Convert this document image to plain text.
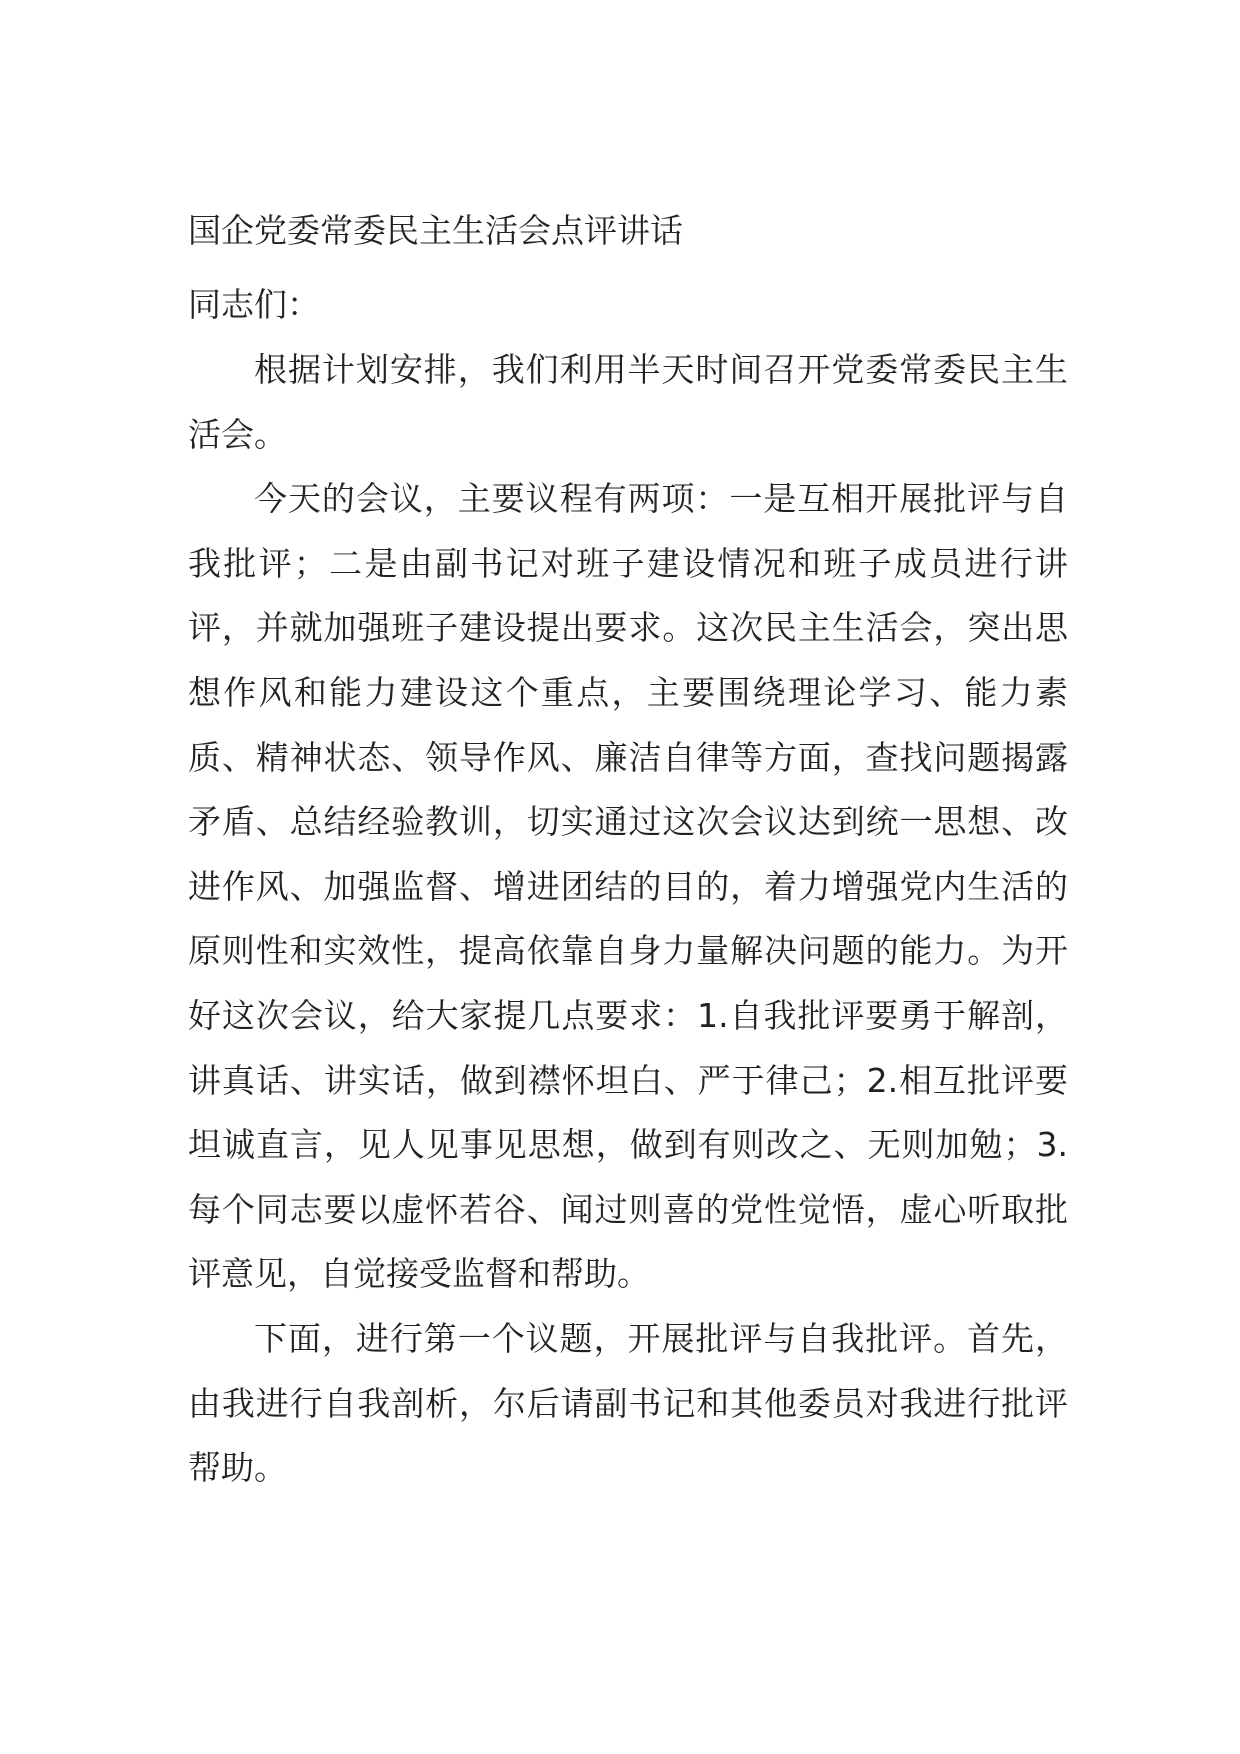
国企党委常委民主生活会点评讲话

同志们：

根据计划安排，我们利用半天时间召开党委常委民主生活会。

今天的会议，主要议程有两项：一是互相开展批评与自我批评；二是由副书记对班子建设情况和班子成员进行讲评，并就加强班子建设提出要求。这次民主生活会，突出思想作风和能力建设这个重点，主要围绕理论学习、能力素质、精神状态、领导作风、廉洁自律等方面，查找问题揭露矛盾、总结经验教训，切实通过这次会议达到统一思想、改进作风、加强监督、增进团结的目的，着力增强党内生活的原则性和实效性，提高依靠自身力量解决问题的能力。为开好这次会议，给大家提几点要求：1.自我批评要勇于解剖，讲真话、讲实话，做到襟怀坦白、严于律己；2.相互批评要坦诚直言，见人见事见思想，做到有则改之、无则加勉；3.每个同志要以虚怀若谷、闻过则喜的党性觉悟，虚心听取批评意见，自觉接受监督和帮助。

下面，进行第一个议题，开展批评与自我批评。首先，由我进行自我剖析，尔后请副书记和其他委员对我进行批评帮助。
